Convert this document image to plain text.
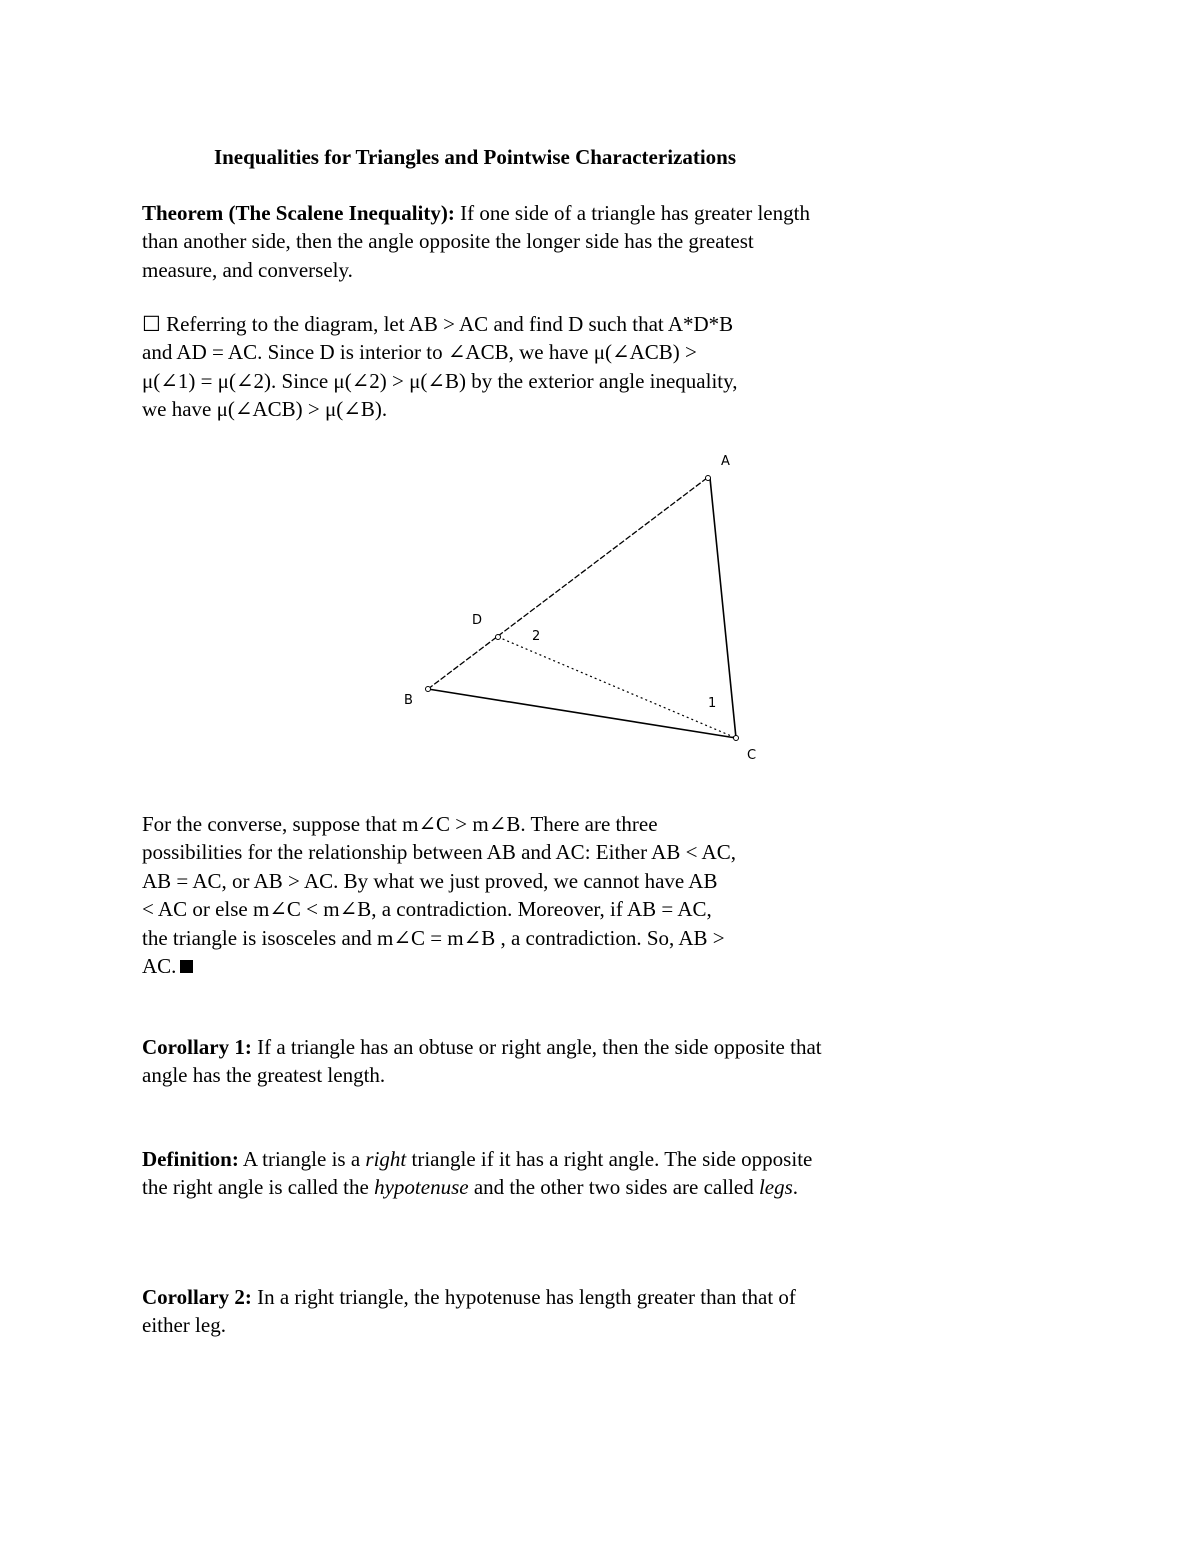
Inequalities for Triangles and Pointwise Characterizations
Theorem (The Scalene Inequality): If one side of a triangle has greater length than another side, then the angle opposite the longer side has the greatest measure, and conversely.
☐ Referring to the diagram, let AB > AC and find D such that A*D*B
and AD = AC. Since D is interior to ∠ACB, we have μ(∠ACB) >
μ(∠1) = μ(∠2). Since μ(∠2) > μ(∠B) by the exterior angle inequality,
we have μ(∠ACB) > μ(∠B).
A
B
C
D
2
1
For the converse, suppose that m∠C > m∠B. There are three
possibilities for the relationship between AB and AC: Either AB < AC,
AB = AC, or AB > AC. By what we just proved, we cannot have AB
< AC or else m∠C < m∠B, a contradiction. Moreover, if AB = AC,
the triangle is isosceles and m∠C = m∠B , a contradiction. So, AB >
AC.
Corollary 1: If a triangle has an obtuse or right angle, then the side opposite that angle has the greatest length.
Definition: A triangle is a right triangle if it has a right angle. The side opposite the right angle is called the hypotenuse and the other two sides are called legs.
Corollary 2: In a right triangle, the hypotenuse has length greater than that of either leg.
